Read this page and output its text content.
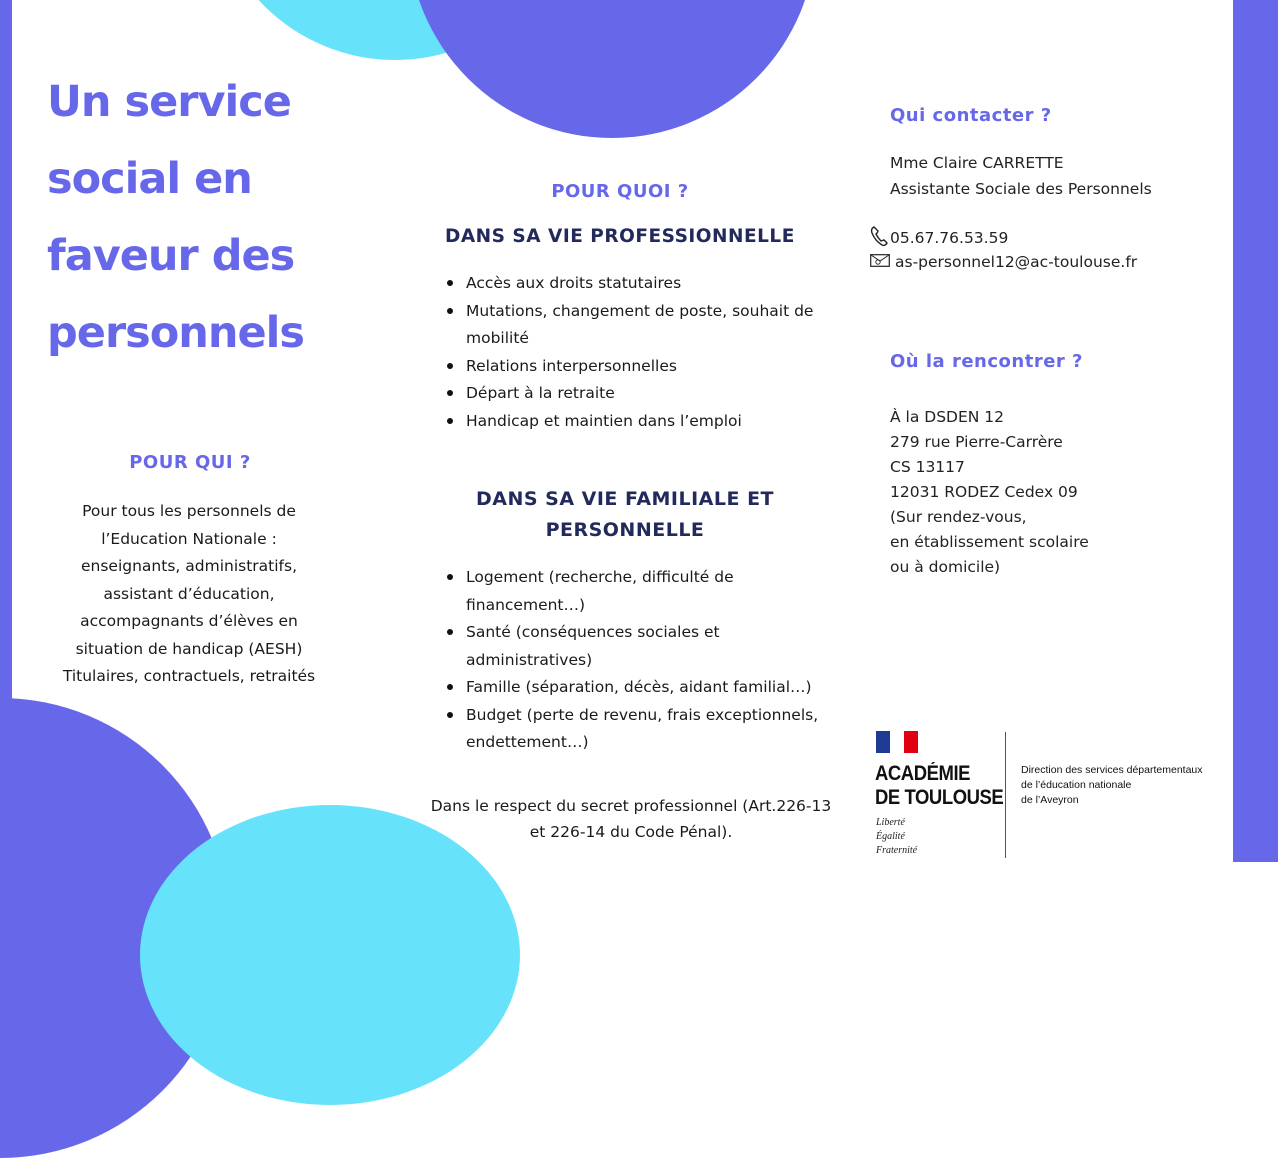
Un service
social en
faveur des
personnels
POUR QUI ?
Pour tous les personnels de
l’Education Nationale :
enseignants, administratifs,
assistant d’éducation,
accompagnants d’élèves en
situation de handicap (AESH)
Titulaires, contractuels, retraités
POUR QUOI ?
DANS SA VIE PROFESSIONNELLE
Accès aux droits statutaires
Mutations, changement de poste, souhait de mobilité
Relations interpersonnelles
Départ à la retraite
Handicap et maintien dans l’emploi
DANS SA VIE FAMILIALE ET
PERSONNELLE
Logement (recherche, difficulté de financement…)
Santé (conséquences sociales et administratives)
Famille (séparation, décès, aidant familial…)
Budget (perte de revenu, frais exceptionnels, endettement…)
Dans le respect du secret professionnel (Art.226-13 et 226-14 du Code Pénal).
Qui contacter ?
Mme Claire CARRETTE
Assistante Sociale des Personnels
05.67.76.53.59
as-personnel12@ac-toulouse.fr
Où la rencontrer ?
À la DSDEN 12
279 rue Pierre-Carrère
CS 13117
12031 RODEZ Cedex 09
(Sur rendez-vous,
en établissement scolaire
ou à domicile)
ACADÉMIE
DE TOULOUSE
Liberté
Égalité
Fraternité
Direction des services départementaux
de l’éducation nationale
de l’Aveyron
